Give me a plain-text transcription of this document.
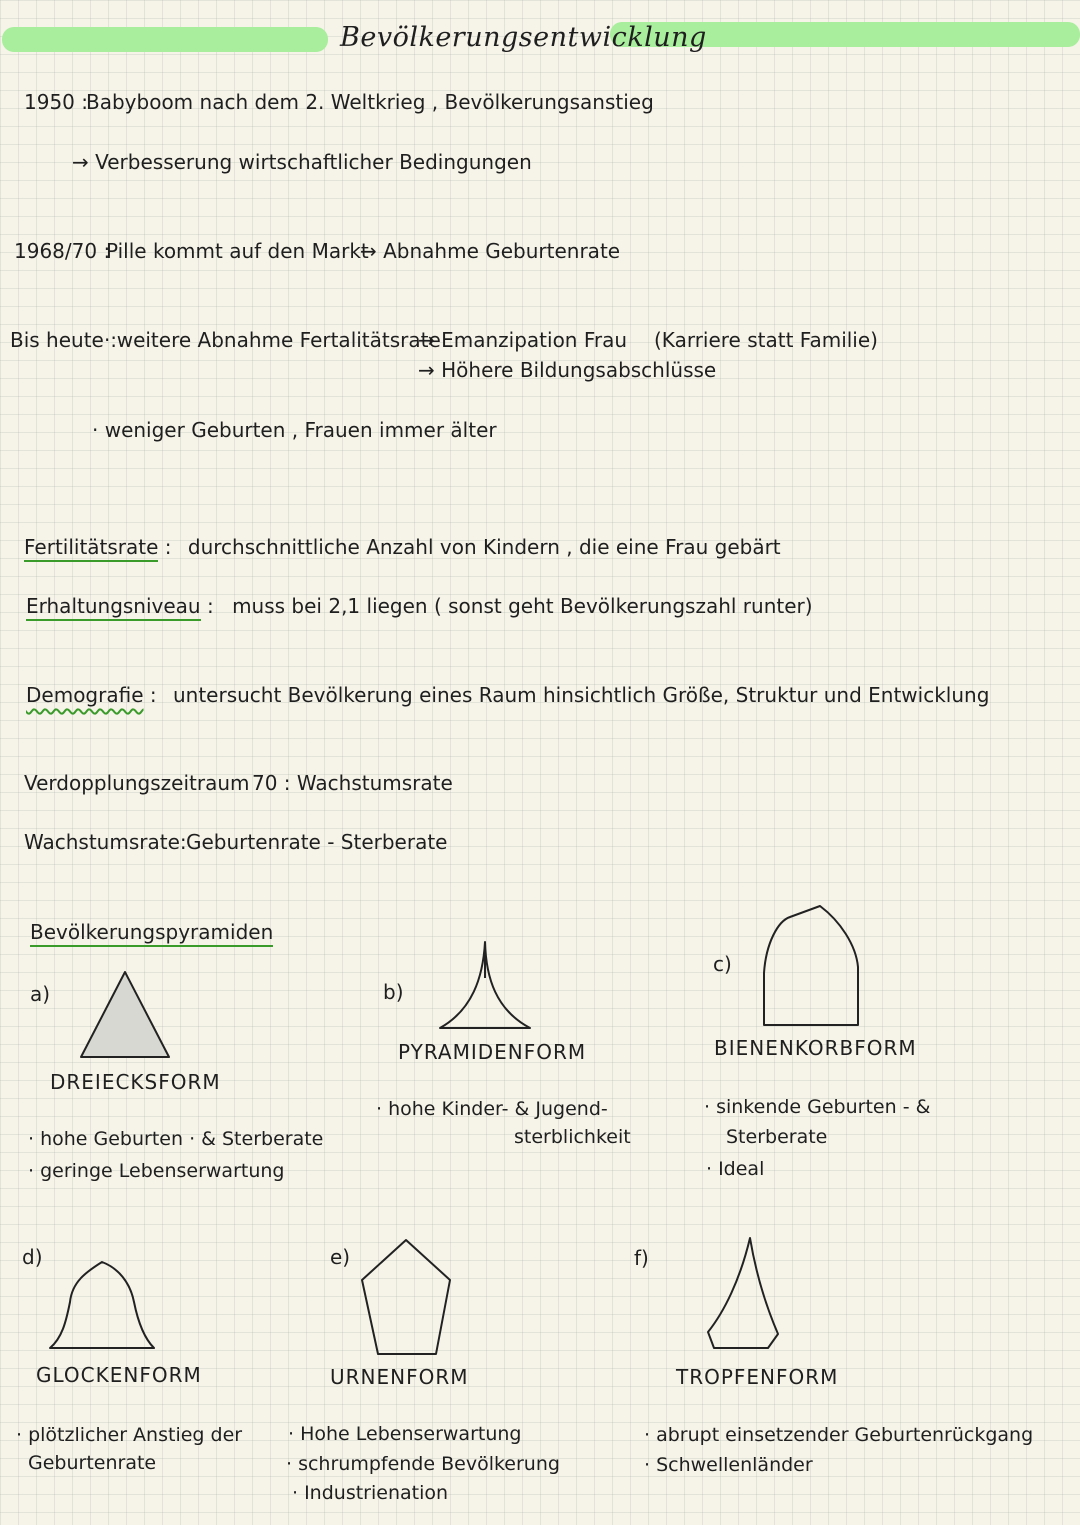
Bevölkerungsentwicklung
1950 :
Babyboom nach dem 2. Weltkrieg , Bevölkerungsanstieg
→ Verbesserung wirtschaftlicher Bedingungen
1968/70 :
Pille kommt auf den Markt
→ Abnahme Geburtenrate
Bis heute :
· weitere Abnahme Fertalitätsrate
→ Emanzipation Frau (Karriere statt Familie)
→ Höhere Bildungsabschlüsse
· weniger Geburten , Frauen immer älter
Fertilitätsrate : durchschnittliche Anzahl von Kindern , die eine Frau gebärt
Erhaltungsniveau : muss bei 2,1 liegen ( sonst geht Bevölkerungszahl runter)
Demografie : untersucht Bevölkerung eines Raum hinsichtlich Größe, Struktur und Entwicklung
Verdopplungszeitraum 70 : Wachstumsrate
Wachstumsrate: Geburtenrate - Sterberate
Bevölkerungspyramiden
a)
DREIECKSFORM
· hohe Geburten · & Sterberate
· geringe Lebenserwartung
b)
PYRAMIDENFORM
· hohe Kinder- & Jugend-
sterblichkeit
c)
BIENENKORBFORM
· sinkende Geburten - &
Sterberate
· Ideal
d)
GLOCKENFORM
· plötzlicher Anstieg der
Geburtenrate
e)
URNENFORM
· Hohe Lebenserwartung
· schrumpfende Bevölkerung
· Industrienation
f)
TROPFENFORM
· abrupt einsetzender Geburtenrückgang
· Schwellenländer
